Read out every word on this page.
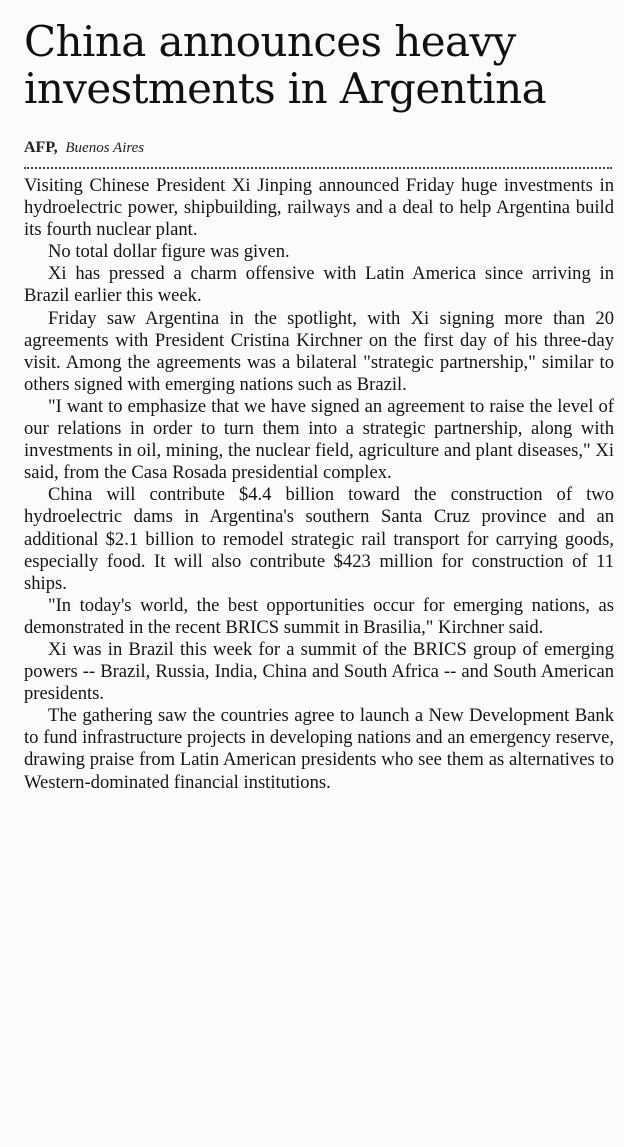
China announces heavy
investments in Argentina
AFP, Buenos Aires

Visiting Chinese President Xi Jinping announced Friday huge investments in hydroelectric power, shipbuilding, railways and a deal to help Argentina build its fourth nuclear plant.

No total dollar figure was given.

Xi has pressed a charm offensive with Latin America since arriving in Brazil earlier this week.

Friday saw Argentina in the spotlight, with Xi signing more than 20 agreements with President Cristina Kirchner on the first day of his three-day visit. Among the agreements was a bilateral "strategic partnership," similar to others signed with emerging nations such as Brazil.

"I want to emphasize that we have signed an agreement to raise the level of our relations in order to turn them into a strategic partnership, along with investments in oil, mining, the nuclear field, agriculture and plant diseases," Xi said, from the Casa Rosada presidential complex.

China will contribute $4.4 billion toward the construction of two hydroelectric dams in Argentina's southern Santa Cruz province and an additional $2.1 billion to remodel strategic rail transport for carrying goods, especially food. It will also contribute $423 million for construction of 11 ships.

"In today's world, the best opportunities occur for emerging nations, as demonstrated in the recent BRICS summit in Brasilia," Kirchner said.

Xi was in Brazil this week for a summit of the BRICS group of emerging powers -- Brazil, Russia, India, China and South Africa -- and South American presidents.

The gathering saw the countries agree to launch a New Development Bank to fund infrastructure projects in developing nations and an emergency reserve, drawing praise from Latin American presidents who see them as alternatives to Western-dominated financial institutions.
